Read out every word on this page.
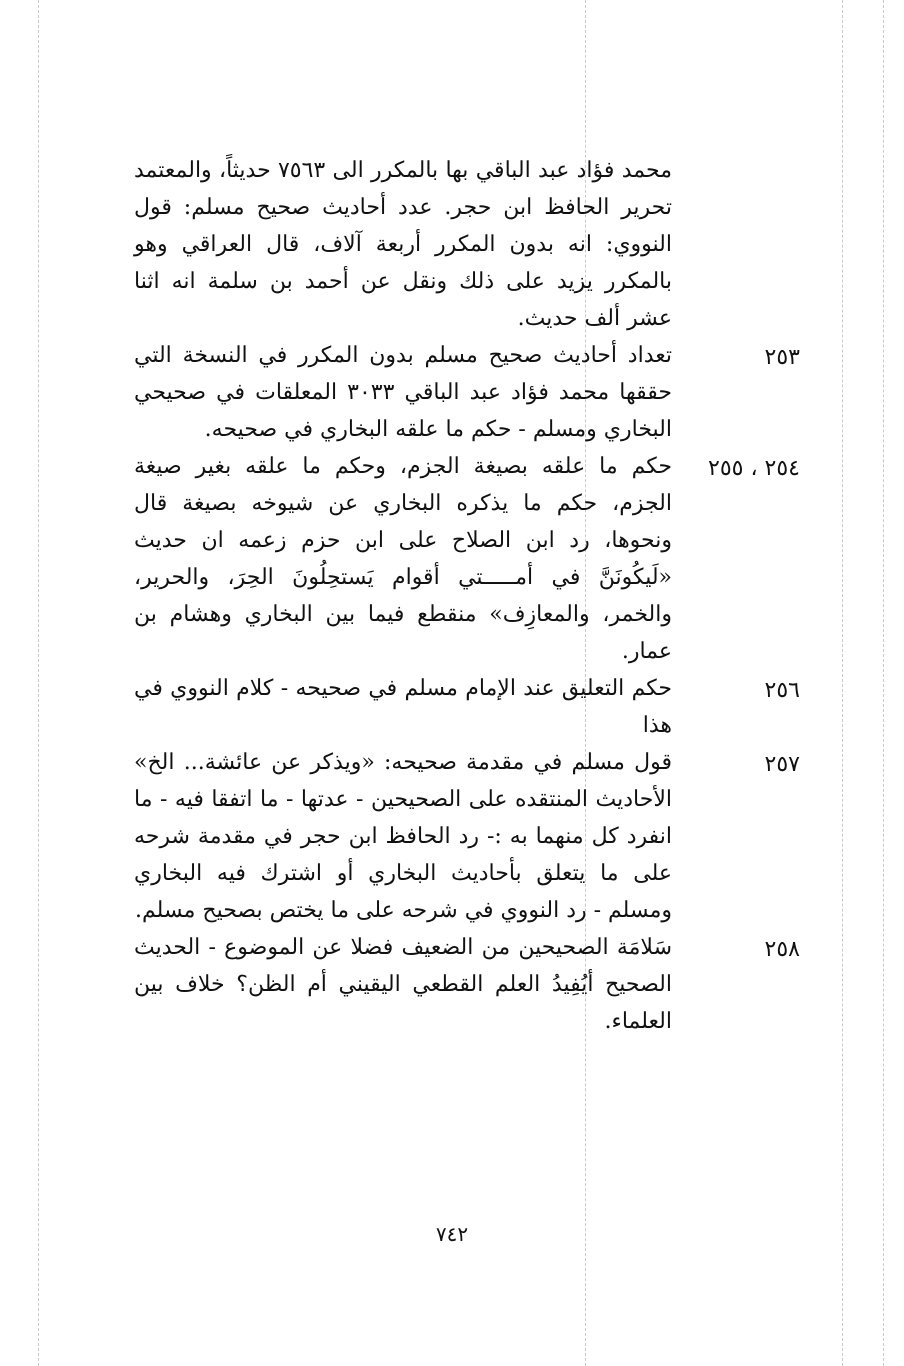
محمد فؤاد عبد الباقي بها بالمكرر الى ٧٥٦٣ حديثاً، والمعتمد تحرير الحافظ ابن حجر. عدد أحاديث صحيح مسلم: قول النووي: انه بدون المكرر أربعة آلاف، قال العراقي وهو بالمكرر يزيد على ذلك ونقل عن أحمد بن سلمة انه اثنا عشر ألف حديث.
٢٥٣
تعداد أحاديث صحيح مسلم بدون المكرر في النسخة التي حققها محمد فؤاد عبد الباقي ٣٠٣٣ المعلقات في صحيحي البخاري ومسلم - حكم ما علقه البخاري في صحيحه.
٢٥٤ ، ٢٥٥
حكم ما علقه بصيغة الجزم، وحكم ما علقه بغير صيغة الجزم، حكم ما يذكره البخاري عن شيوخه بصيغة قال ونحوها، رد ابن الصلاح على ابن حزم زعمه ان حديث «لَيكُونَنَّ في أمـــــتي أقوام يَستحِلُونَ الحِرَ، والحرير، والخمر، والمعازِف» منقطع فيما بين البخاري وهشام بن عمار.
٢٥٦
حكم التعليق عند الإمام مسلم في صحيحه - كلام النووي في هذا
٢٥٧
قول مسلم في مقدمة صحيحه: «ويذكر عن عائشة... الخ» الأحاديث المنتقده على الصحيحين - عدتها - ما اتفقا فيه - ما انفرد كل منهما به :- رد الحافظ ابن حجر في مقدمة شرحه على ما يتعلق بأحاديث البخاري أو اشترك فيه البخاري ومسلم - رد النووي في شرحه على ما يختص بصحيح مسلم.
٢٥٨
سَلامَة الصحيحين من الضعيف فضلا عن الموضوع - الحديث الصحيح أيُفِيدُ العلم القطعي اليقيني أم الظن؟ خلاف بين العلماء.
٧٤٢
